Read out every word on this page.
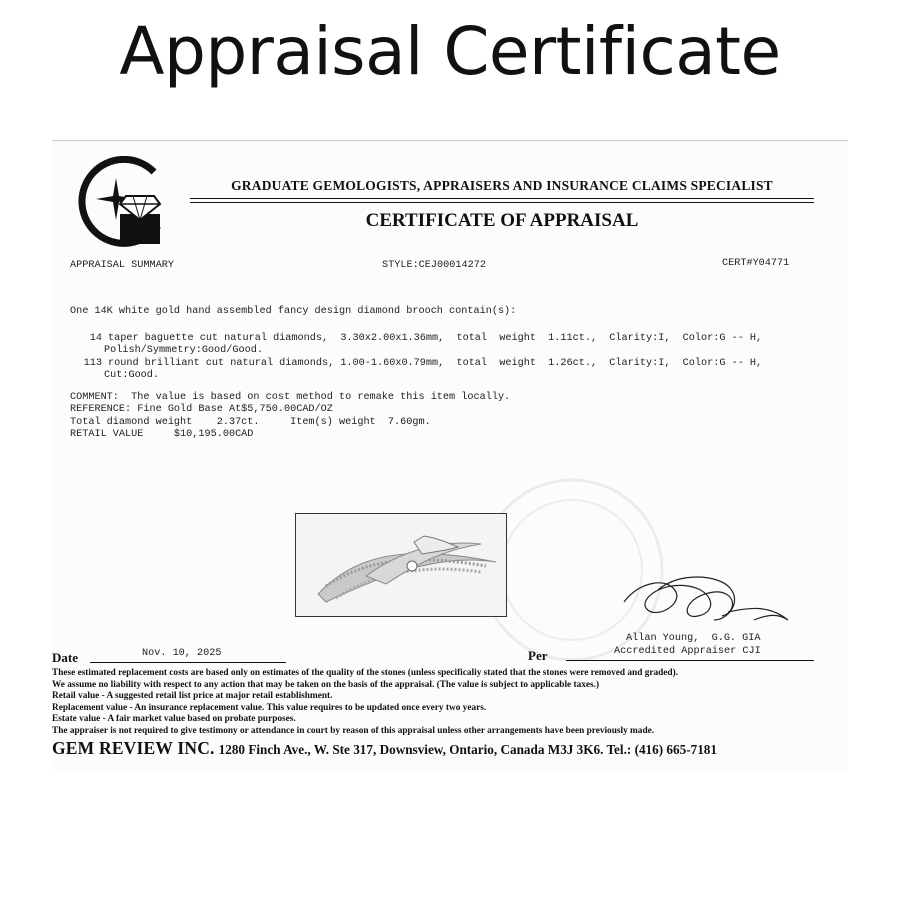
Appraisal Certificate
GRADUATE GEMOLOGISTS, APPRAISERS AND INSURANCE CLAIMS SPECIALIST
CERTIFICATE OF APPRAISAL
APPRAISAL SUMMARY	STYLE:CEJ00014272	CERT#Y04771
One 14K white gold hand assembled fancy design diamond brooch contain(s):
14 taper baguette cut natural diamonds,  3.30x2.00x1.36mm,  total  weight  1.11ct.,  Clarity:I,  Color:G -- H,
Polish/Symmetry:Good/Good.
113 round brilliant cut natural diamonds, 1.00-1.60x0.79mm,  total  weight  1.26ct.,  Clarity:I,  Color:G -- H,
Cut:Good.
COMMENT:  The value is based on cost method to remake this item locally.
REFERENCE: Fine Gold Base At$5,750.00CAD/OZ
Total diamond weight    2.37ct.     Item(s) weight  7.60gm.
RETAIL VALUE     $10,195.00CAD
Date	Nov. 10, 2025
Allan Young,  G.G. GIA
Per	Accredited Appraiser CJI
These estimated replacement costs are based only on estimates of the quality of the stones (unless specificaliy stated that the stones were removed and graded).
We assume no liability with respect to any action that may be taken on the basis of the appraisal. (The value is subject to applicable taxes.)
Retail value - A suggested retail list price at major retail establishment.
Replacement value - An insurance replacement value. This value requires to be updated once every two years.
Estate value - A fair market value based on probate purposes.
The appraiser is not required to give testimony or attendance in court by reason of this appraisal unless other arrangements have been previously made.
GEM REVIEW INC. 1280 Finch Ave., W. Ste 317, Downsview, Ontario, Canada M3J 3K6. Tel.: (416) 665-7181
